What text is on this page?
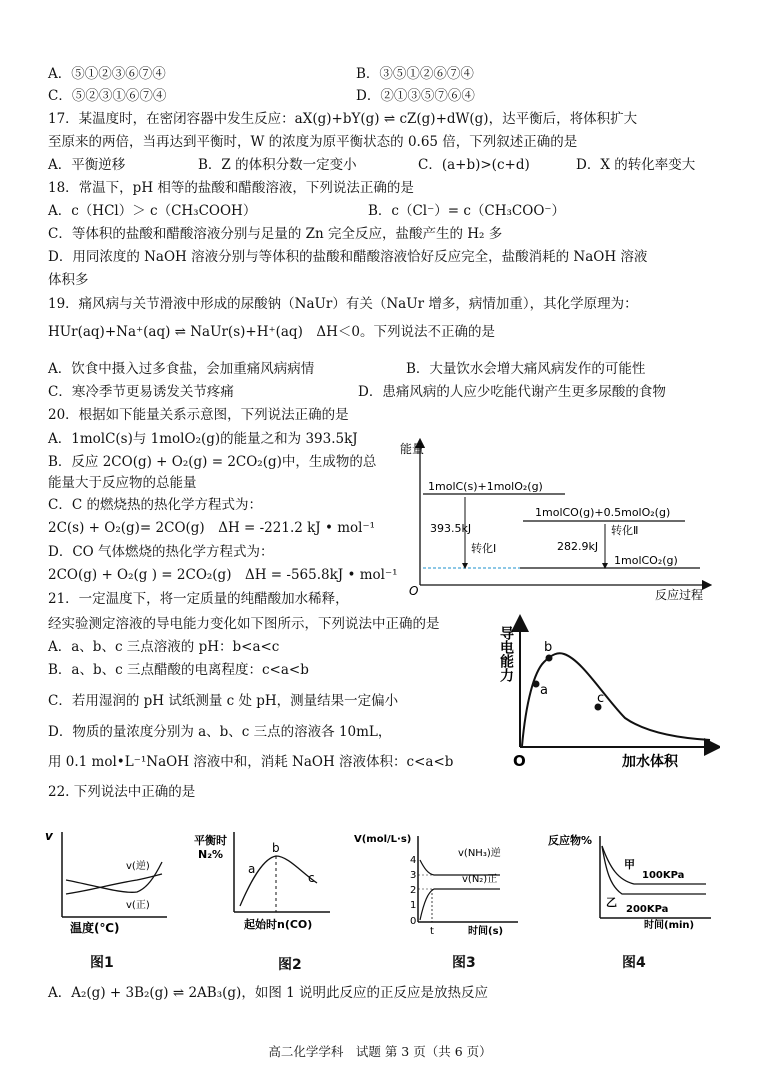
A．⑤①②③⑥⑦④	B．③⑤①②⑥⑦④
C．⑤②③①⑥⑦④	D．②①③⑤⑦⑥④
17．某温度时，在密闭容器中发生反应：aX(g)+bY(g) ⇌ cZ(g)+dW(g)，达平衡后，将体积扩大
至原来的两倍，当再达到平衡时，W 的浓度为原平衡状态的 0.65 倍，下列叙述正确的是
A．平衡逆移	B．Z 的体积分数一定变小	C．(a+b)>(c+d)	D．X 的转化率变大
18．常温下，pH 相等的盐酸和醋酸溶液，下列说法正确的是
A．c（HCl）＞ c（CH₃COOH）	B．c（Cl⁻）= c（CH₃COO⁻）
C．等体积的盐酸和醋酸溶液分别与足量的 Zn 完全反应，盐酸产生的 H₂ 多
D．用同浓度的 NaOH 溶液分别与等体积的盐酸和醋酸溶液恰好反应完全，盐酸消耗的 NaOH 溶液
体积多
19．痛风病与关节滑液中形成的尿酸钠（NaUr）有关（NaUr 增多，病情加重），其化学原理为：
HUr(aq)+Na⁺(aq) ⇌ NaUr(s)+H⁺(aq)　ΔH＜0。下列说法不正确的是
A．饮食中摄入过多食盐，会加重痛风病病情	B．大量饮水会增大痛风病发作的可能性
C．寒冷季节更易诱发关节疼痛	D．患痛风病的人应少吃能代谢产生更多尿酸的食物
20．根据如下能量关系示意图，下列说法正确的是
A．1molC(s)与 1molO₂(g)的能量之和为 393.5kJ
B．反应 2CO(g) + O₂(g) = 2CO₂(g)中，生成物的总
能量大于反应物的总能量
C．C 的燃烧热的热化学方程式为：
2C(s) + O₂(g)= 2CO(g)　ΔH = -221.2 kJ • mol⁻¹
D．CO 气体燃烧的热化学方程式为：
2CO(g) + O₂(g ) = 2CO₂(g)　ΔH = -565.8kJ • mol⁻¹
能量
O	反应过程
1molC(s)+1molO₂(g)
1molCO(g)+0.5molO₂(g)
1molCO₂(g)
393.5kJ
转化Ⅰ
转化Ⅱ
282.9kJ
21．一定温度下，将一定质量的纯醋酸加水稀释，
经实验测定溶液的导电能力变化如下图所示，下列说法中正确的是
A．a、b、c 三点溶液的 pH：b<a<c
B．a、b、c 三点醋酸的电离程度：c<a<b
C．若用湿润的 pH 试纸测量 c 处 pH，测量结果一定偏小
D．物质的量浓度分别为 a、b、c 三点的溶液各 10mL，
用 0.1 mol•L⁻¹NaOH 溶液中和，消耗 NaOH 溶液体积：c<a<b
导电能力
O	加水体积
a
b
c
22. 下列说法中正确的是
v
v(逆)
v(正)
温度(℃)
图1
平衡时
N₂%
a
b
c
起始时n(CO)
图2
V(mol/L·s)
4
3
2
1
0
v(NH₃)逆
v(N₂)正
t	时间(s)
图3
反应物%
甲
乙
100KPa
200KPa
时间(min)
图4
A．A₂(g) + 3B₂(g) ⇌ 2AB₃(g)，如图 1 说明此反应的正反应是放热反应
高二化学学科　试题 第 3 页（共 6 页）
